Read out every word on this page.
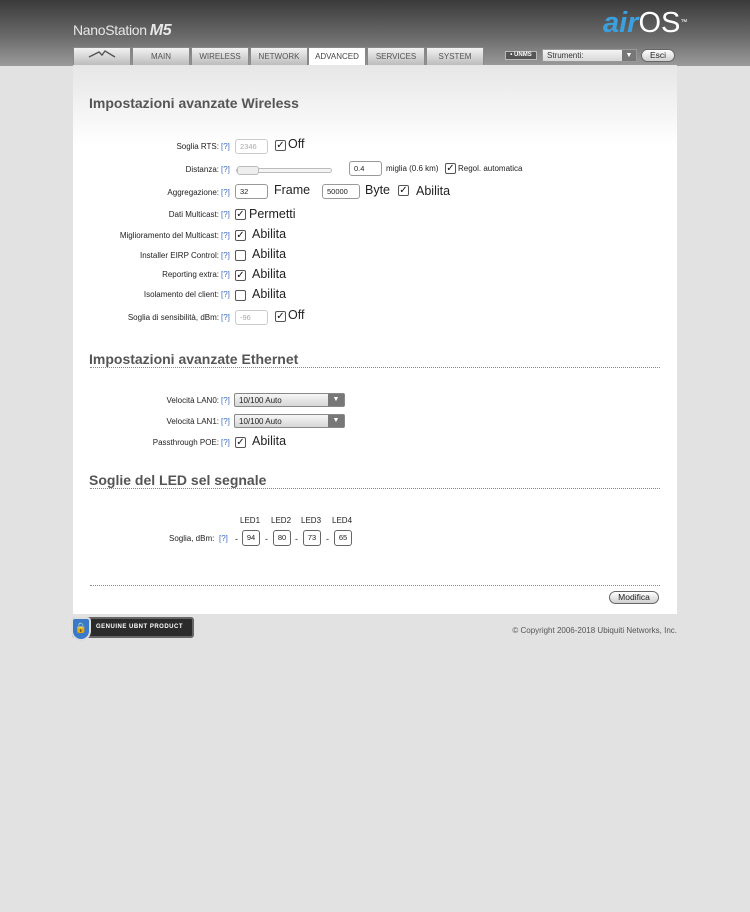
NanoStation M5	airOS™
MAIN	WIRELESS	NETWORK	ADVANCED	SERVICES	SYSTEM	• UNMS	Strumenti:	▼	Esci
Impostazioni avanzate Wireless
Soglia RTS: [?]	2346	✓ Off
Distanza: [?]	0.4	miglia (0.6 km) ✓ Regol. automatica
Aggregazione: [?]	32	Frame	50000	Byte ✓ Abilita
Dati Multicast: [?] ✓ Permetti
Miglioramento del Multicast: [?] ✓ Abilita
Installer EIRP Control: [?] Abilita
Reporting extra: [?] ✓ Abilita
Isolamento del client: [?] Abilita
Soglia di sensibilità, dBm: [?]	-96	✓ Off
Impostazioni avanzate Ethernet
Velocità LAN0: [?]	10/100 Auto	▼
Velocità LAN1: [?]	10/100 Auto	▼
Passthrough POE: [?] ✓ Abilita
Soglie del LED sel segnale
LED1 LED2 LED3 LED4
Soglia, dBm: [?] -	94	-	80 -	73	-	65
Modifica
🔒	GENUINE UBNT PRODUCT	© Copyright 2006-2018 Ubiquiti Networks, Inc.
